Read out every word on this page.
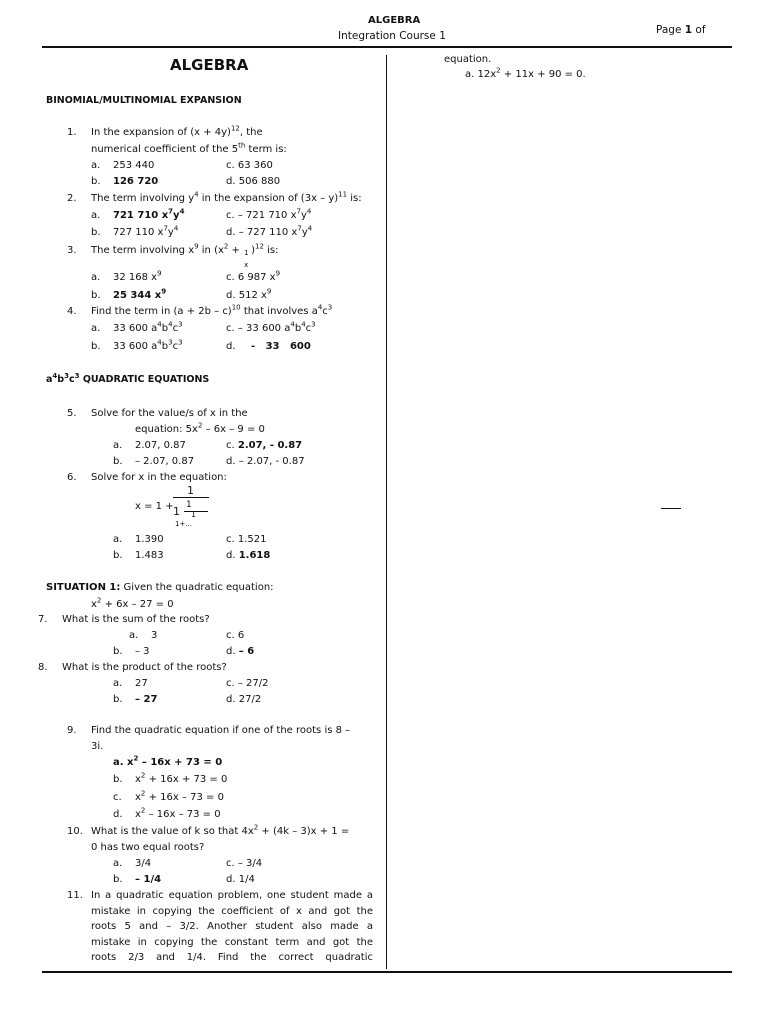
ALGEBRA
Integration Course 1	Page 1 of
ALGEBRA
BINOMIAL/MULTINOMIAL EXPANSION
1. In the expansion of $(x + 4y)^{12}$, the
numerical coefficient of the 5th term is:
a. 253 440	c. 63 360
b. 126 720	d. 506 880
2. The term involving $y^4$ in the expansion of (3x – y)$^{11}$ is:
a. 721 710 $x^7y^4$	c. – 721 710 $x^7y^4$
b. 727 110 $x^7y^4$	d. – 727 110 $x^7y^4$
3. The term involving $x^9$ in ($x^2 + 1$
x
)$^{12}$ is:
a. 32 168 $x^9$	c. 6 987 $x^9$
b. 25 344 $x^9$	d. 512 $x^9$
4. Find the term in $(a + 2b - c)^{10}$ that involves $a^4c^3$
a. 33 600 $a^4b^4c^3$	c. – 33 600 $a^4b^4c^3$
b. 33 600 $a^4b^3c^3$	d. -   33   600
$a^4b^3c^3$ QUADRATIC EQUATIONS
5. Solve for the value/s of x in the
equation: $5x^2 - 6x - 9 = 0$
a. 2.07, 0.87	c. 2.07, - 0.87
b. – 2.07, 0.87	d. – 2.07, - 0.87
6. Solve for x in the equation:
1
x = 1 + 1 1
1
1+...
a. 1.390	c. 1.521
b. 1.483	d. 1.618
SITUATION 1: Given the quadratic equation:
$x^2 + 6x - 27 = 0$
7. What is the sum of the roots?
a. 3	c. 6
b. – 3	d. – 6
8. What is the product of the roots?
a. 27	c. – 27/2
b. – 27	d. 27/2
9. Find the quadratic equation if one of the roots is 8 –
3i.
a. $x^2 - 16x + 73 = 0$
b. $x^2 + 16x + 73 = 0$
c. $x^2 + 16x - 73 = 0$
d. $x^2 - 16x - 73 = 0$
10. What is the value of k so that $4x^2 + (4k - 3)x + 1$ =
0 has two equal roots?
a. 3/4	c. – 3/4
b. – 1/4	d. 1/4
11. In a quadratic equation problem, one student made a
mistake in copying the coefficient of x and got the
roots 5 and – 3/2. Another student also made a
mistake in copying the constant term and got the
roots 2/3 and 1/4. Find the correct quadratic
equation.
a. $12x^2 + 11x + 90 = 0$.
